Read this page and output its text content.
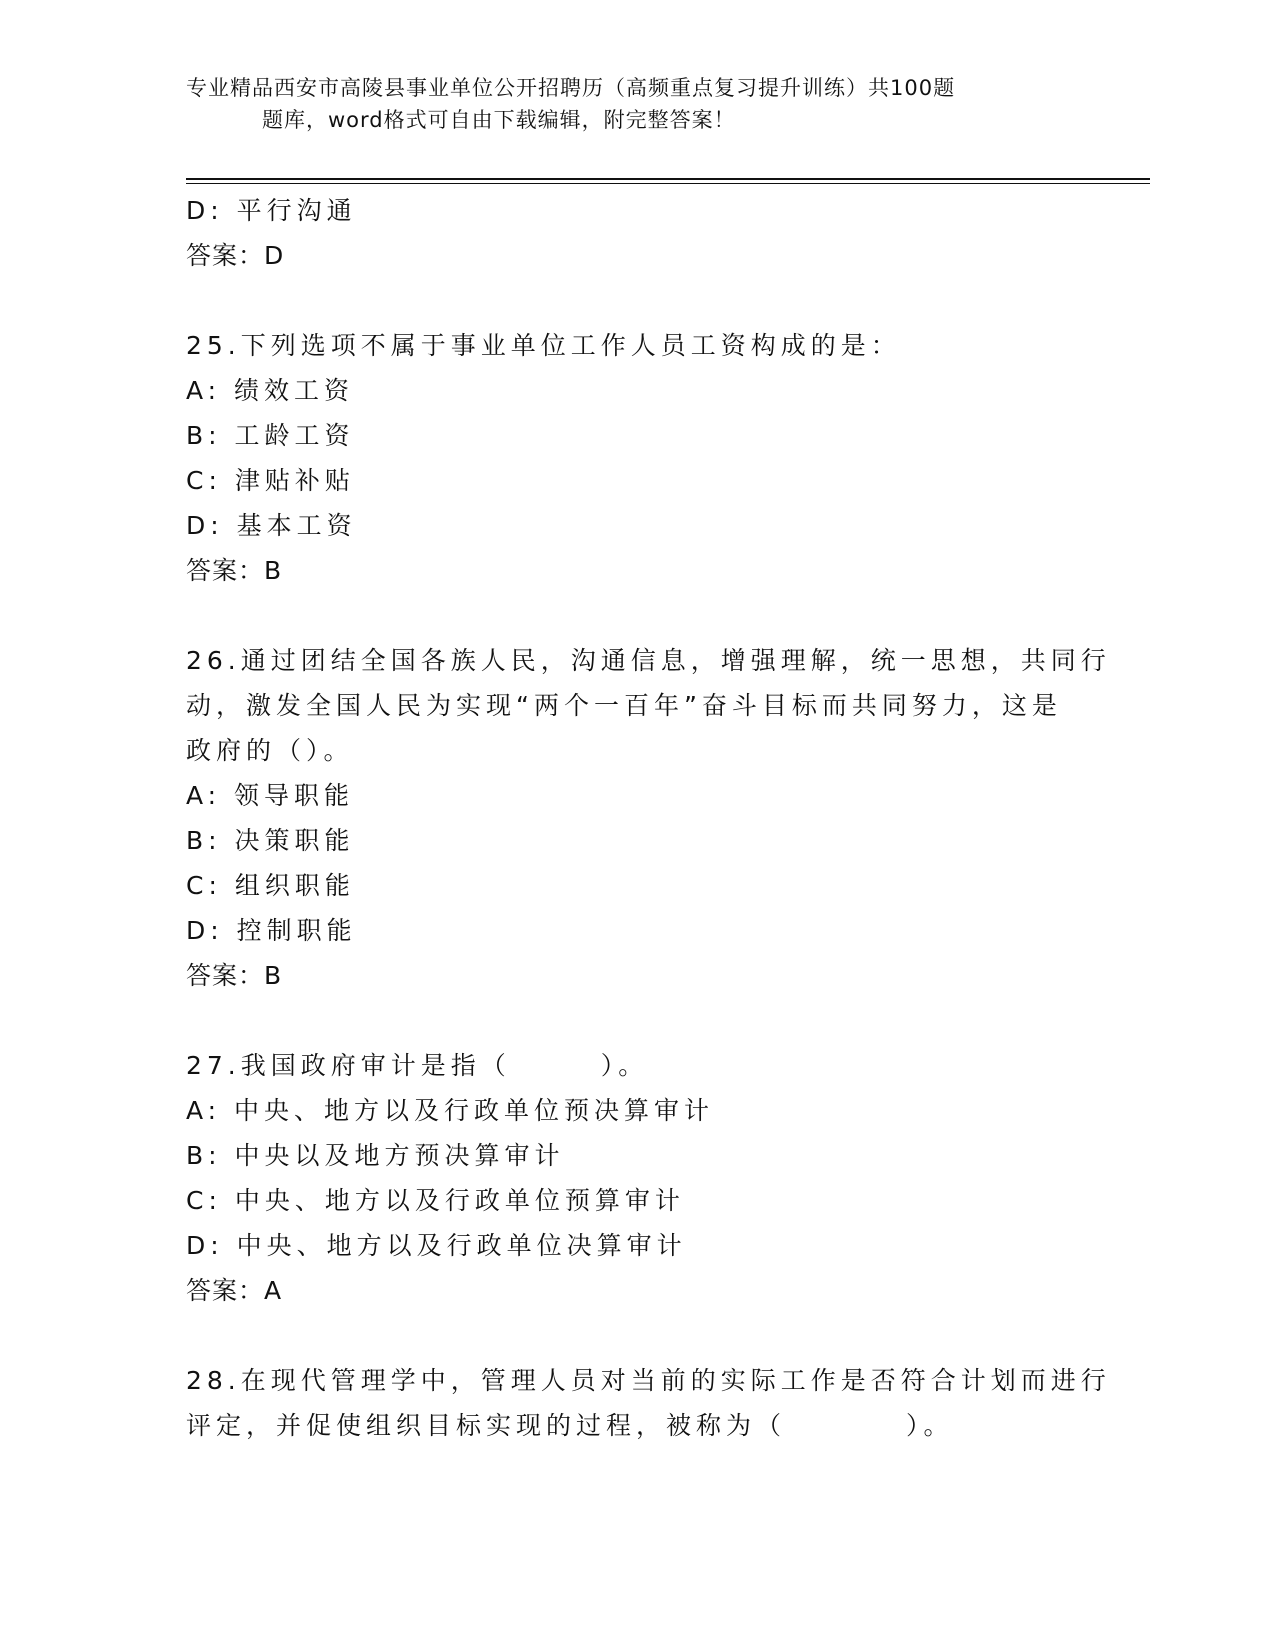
专业精品西安市高陵县事业单位公开招聘历（高频重点复习提升训练）共100题
题库，word格式可自由下载编辑，附完整答案！
D: 平行沟通
答案：D
25.下列选项不属于事业单位工作人员工资构成的是：
A: 绩效工资
B: 工龄工资
C: 津贴补贴
D: 基本工资
答案：B
26.通过团结全国各族人民，沟通信息，增强理解，统一思想，共同行
动，激发全国人民为实现“两个一百年”奋斗目标而共同努力，这是
政府的（）。
A: 领导职能
B: 决策职能
C: 组织职能
D: 控制职能
答案：B
27.我国政府审计是指（　　　）。
A: 中央、地方以及行政单位预决算审计
B: 中央以及地方预决算审计
C: 中央、地方以及行政单位预算审计
D: 中央、地方以及行政单位决算审计
答案：A
28.在现代管理学中，管理人员对当前的实际工作是否符合计划而进行
评定，并促使组织目标实现的过程，被称为（　　　　）。
